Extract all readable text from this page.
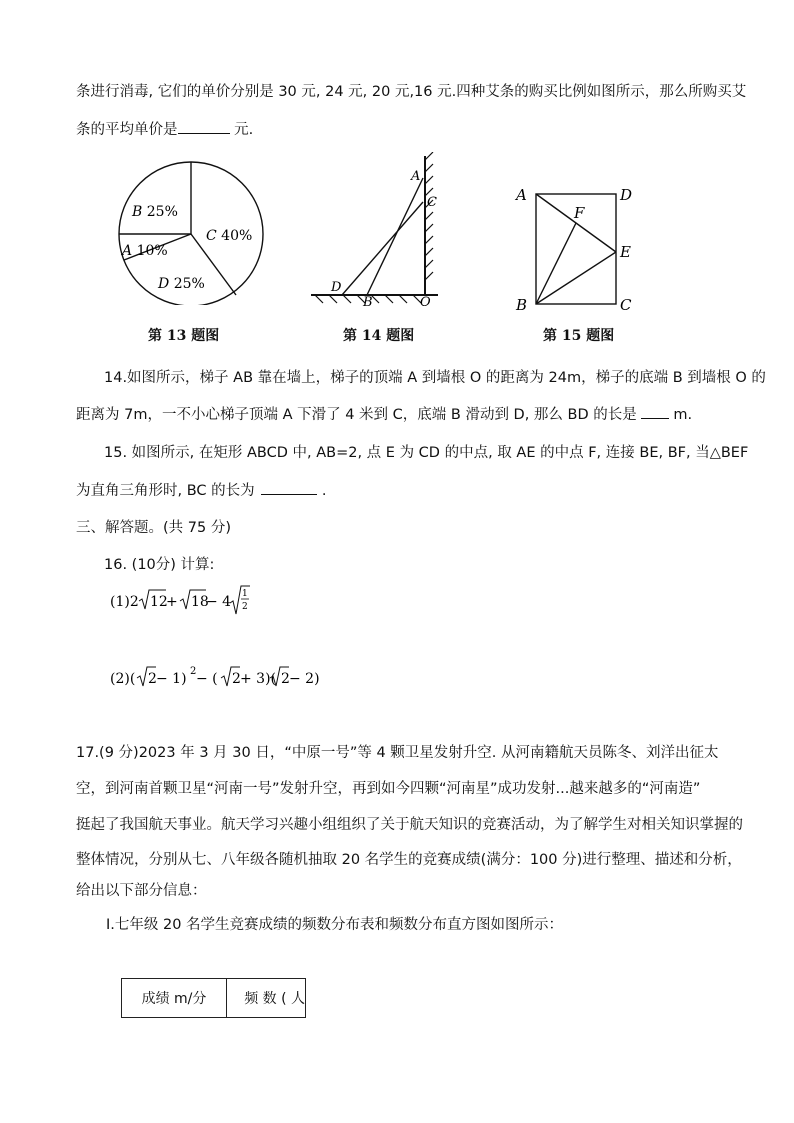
条进行消毒, 它们的单价分别是 30 元, 24 元, 20 元,16 元.四种艾条的购买比例如图所示，那么所购买艾
条的平均单价是	元.
B 25%
C 40%
D 25%
A 10%
第 13 题图
A
C
D
B	O
第 14 题图
A	D
F
E
B	C
第 15 题图
14.如图所示，梯子 AB 靠在墙上，梯子的顶端 A 到墙根 O 的距离为 24m，梯子的底端 B 到墙根 O 的
距离为 7m，一不小心梯子顶端 A 下滑了 4 米到 C，底端 B 滑动到 D, 那么 BD 的长是 m.
15. 如图所示, 在矩形 ABCD 中, AB=2, 点 E 为 CD 的中点, 取 AE 的中点 F, 连接 BE, BF, 当△BEF
为直角三角形时, BC 的长为	.
三、解答题。(共 75 分)
16. (10分) 计算:
(1)2 12
+ 18
− 4 1
2
(2)( 2 − 1) 2 − ( 2 + 3)( 2 − 2)
17.(9 分)2023 年 3 月 30 日，“中原一号”等 4 颗卫星发射升空. 从河南籍航天员陈冬、刘洋出征太
空，到河南首颗卫星“河南一号”发射升空，再到如今四颗“河南星”成功发射...越来越多的“河南造”
挺起了我国航天事业。航天学习兴趣小组组织了关于航天知识的竞赛活动，为了解学生对相关知识掌握的
整体情况，分别从七、八年级各随机抽取 20 名学生的竞赛成绩(满分：100 分)进行整理、描述和分析，
给出以下部分信息：
Ⅰ.七年级 20 名学生竞赛成绩的频数分布表和频数分布直方图如图所示：
成绩 m/分	频 数 ( 人
